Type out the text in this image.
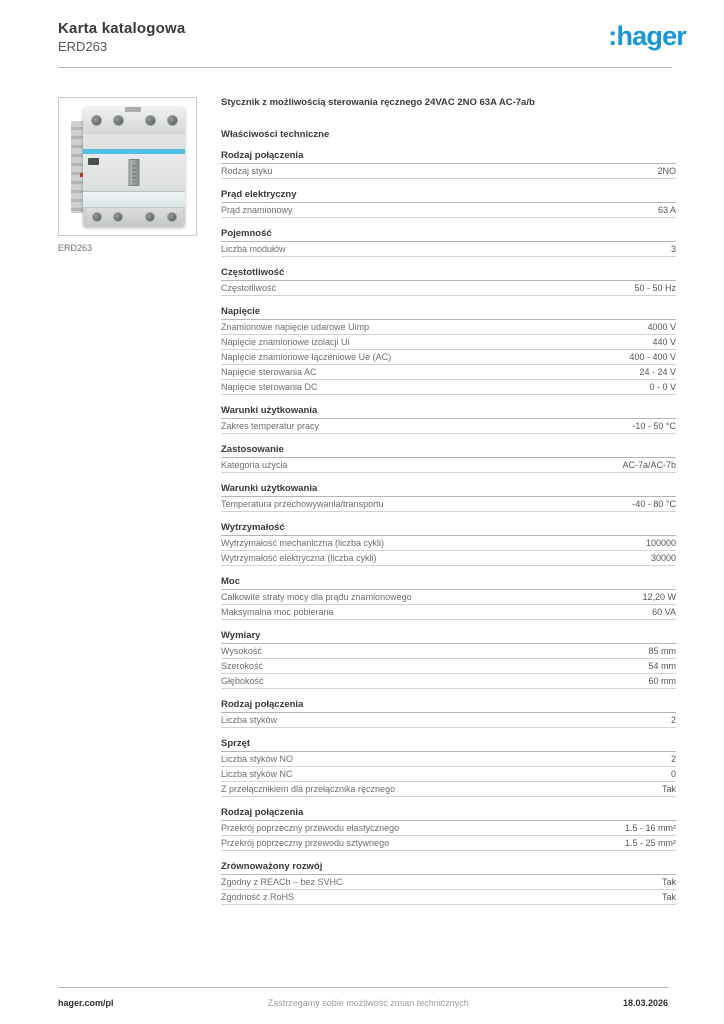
Karta katalogowa
ERD263	:hager
ERD263
Stycznik z możliwością sterowania ręcznego 24VAC 2NO 63A AC-7a/b
Właściwości techniczne
Rodzaj połączenia
Rodzaj styku	2NO
Prąd elektryczny
Prąd znamionowy	63 A
Pojemność
Liczba modułów	3
Częstotliwość
Częstotliwość	50 - 50 Hz
Napięcie
Znamionowe napięcie udarowe Uimp	4000 V
Napięcie znamionowe izolacji Ui	440 V
Napięcie znamionowe łączeniowe Ue (AC)	400 - 400 V
Napięcie sterowania AC	24 - 24 V
Napięcie sterowania DC	0 - 0 V
Warunki użytkowania
Zakres temperatur pracy	-10 - 50 °C
Zastosowanie
Kategoria użycia	AC-7a/AC-7b
Warunki użytkowania
Temperatura przechowywania/transportu	-40 - 80 °C
Wytrzymałość
Wytrzymałość mechaniczna (liczba cykli)	100000
Wytrzymałość elektryczna (liczba cykli)	30000
Moc
Całkowite straty mocy dla prądu znamionowego	12,20 W
Maksymalna moc pobierana	60 VA
Wymiary
Wysokość	85 mm
Szerokość	54 mm
Głębokość	60 mm
Rodzaj połączenia
Liczba styków	2
Sprzęt
Liczba styków NO	2
Liczba styków NC	0
Z przełącznikiem dla przełącznika ręcznego	Tak
Rodzaj połączenia
Przekrój poprzeczny przewodu elastycznego	1.5 - 16 mm²
Przekrój poprzeczny przewodu sztywnego	1.5 - 25 mm²
Zrównoważony rozwój
Zgodny z REACh – bez SVHC	Tak
Zgodność z RoHS	Tak
hager.com/pl	Zastrzegamy sobie możliwość zmian technicznych	18.03.2026
